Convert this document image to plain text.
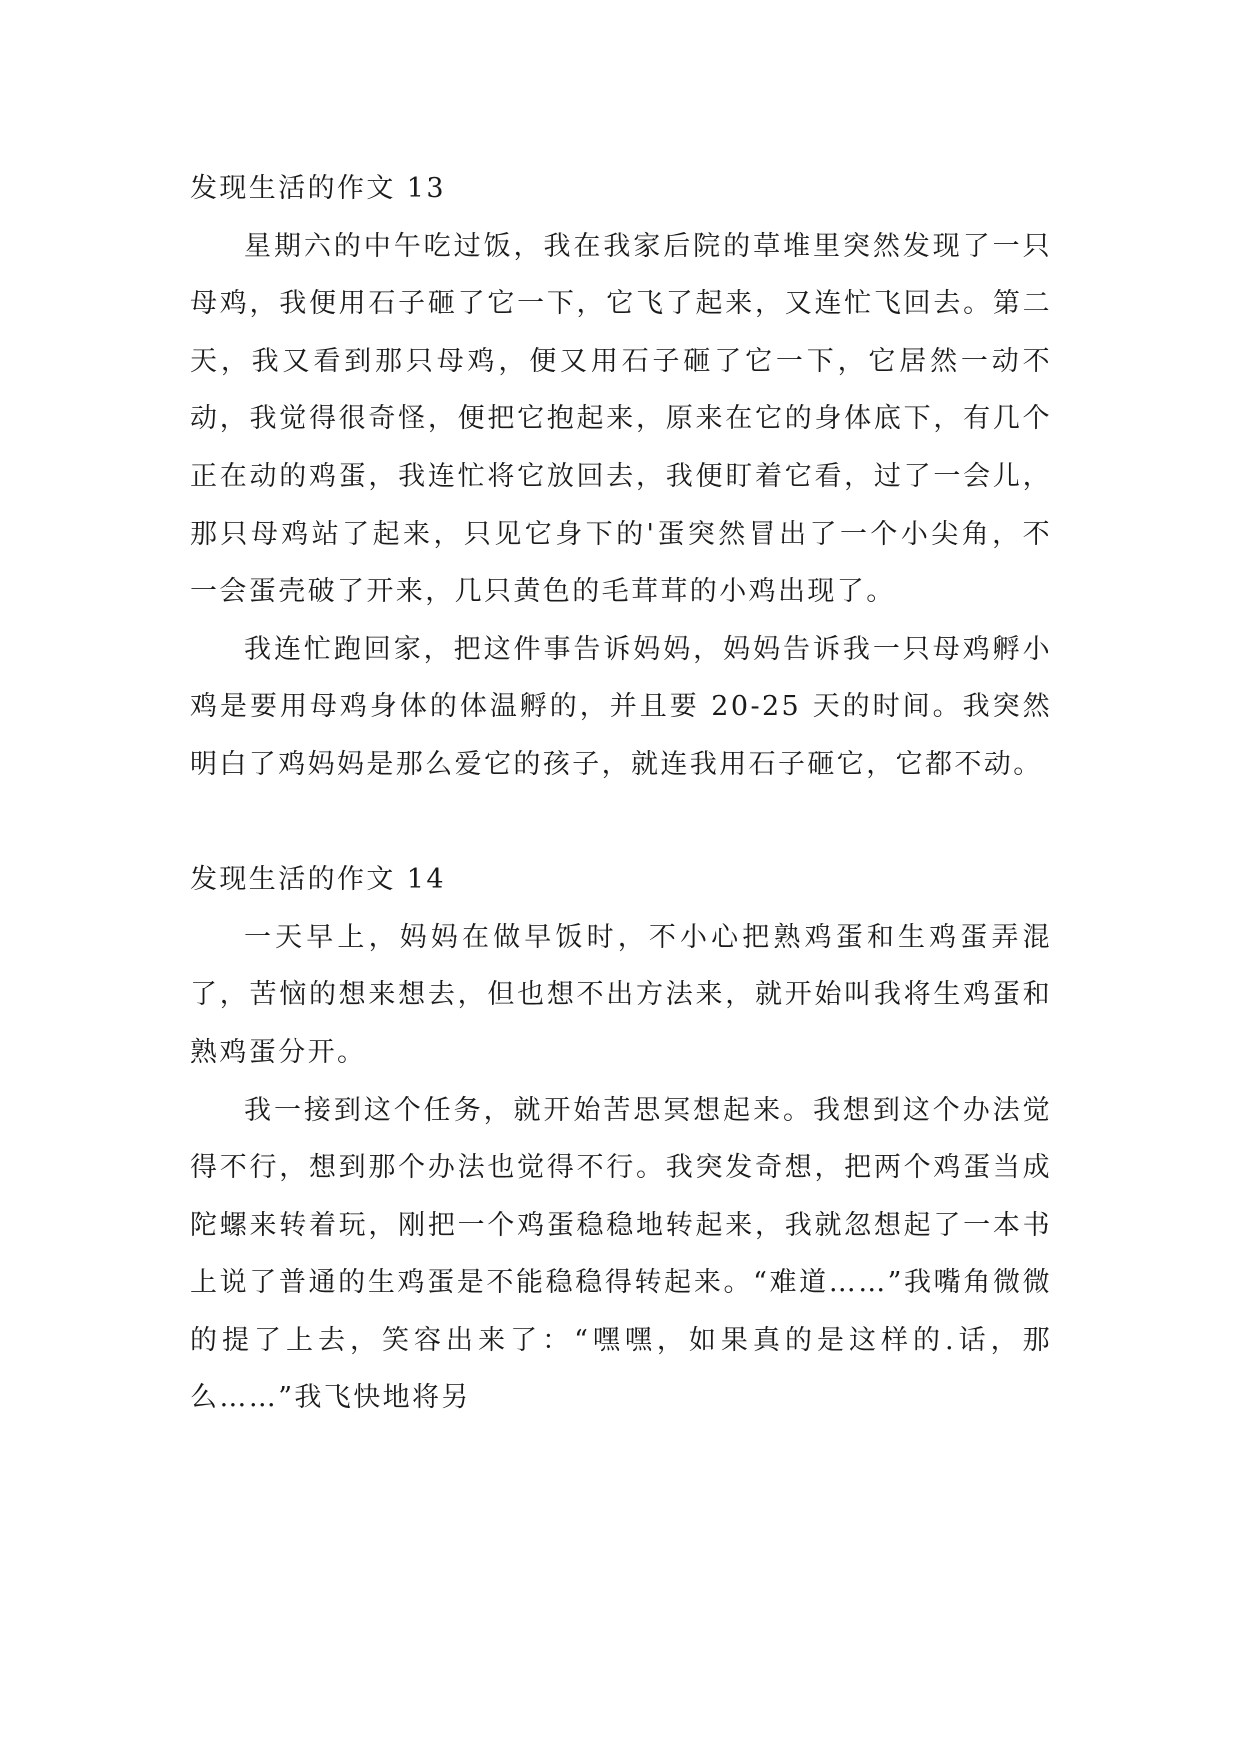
发现生活的作文 13

星期六的中午吃过饭，我在我家后院的草堆里突然发现了一只母鸡，我便用石子砸了它一下，它飞了起来，又连忙飞回去。第二天，我又看到那只母鸡，便又用石子砸了它一下，它居然一动不动，我觉得很奇怪，便把它抱起来，原来在它的身体底下，有几个正在动的鸡蛋，我连忙将它放回去，我便盯着它看，过了一会儿，那只母鸡站了起来，只见它身下的'蛋突然冒出了一个小尖角，不一会蛋壳破了开来，几只黄色的毛茸茸的小鸡出现了。

我连忙跑回家，把这件事告诉妈妈，妈妈告诉我一只母鸡孵小鸡是要用母鸡身体的体温孵的，并且要 20-25 天的时间。我突然明白了鸡妈妈是那么爱它的孩子，就连我用石子砸它，它都不动。

发现生活的作文 14

一天早上，妈妈在做早饭时，不小心把熟鸡蛋和生鸡蛋弄混了，苦恼的想来想去，但也想不出方法来，就开始叫我将生鸡蛋和熟鸡蛋分开。

我一接到这个任务，就开始苦思冥想起来。我想到这个办法觉得不行，想到那个办法也觉得不行。我突发奇想，把两个鸡蛋当成陀螺来转着玩，刚把一个鸡蛋稳稳地转起来，我就忽想起了一本书上说了普通的生鸡蛋是不能稳稳得转起来。“难道……”我嘴角微微的提了上去，笑容出来了：“嘿嘿，如果真的是这样的.话，那么……”我飞快地将另
